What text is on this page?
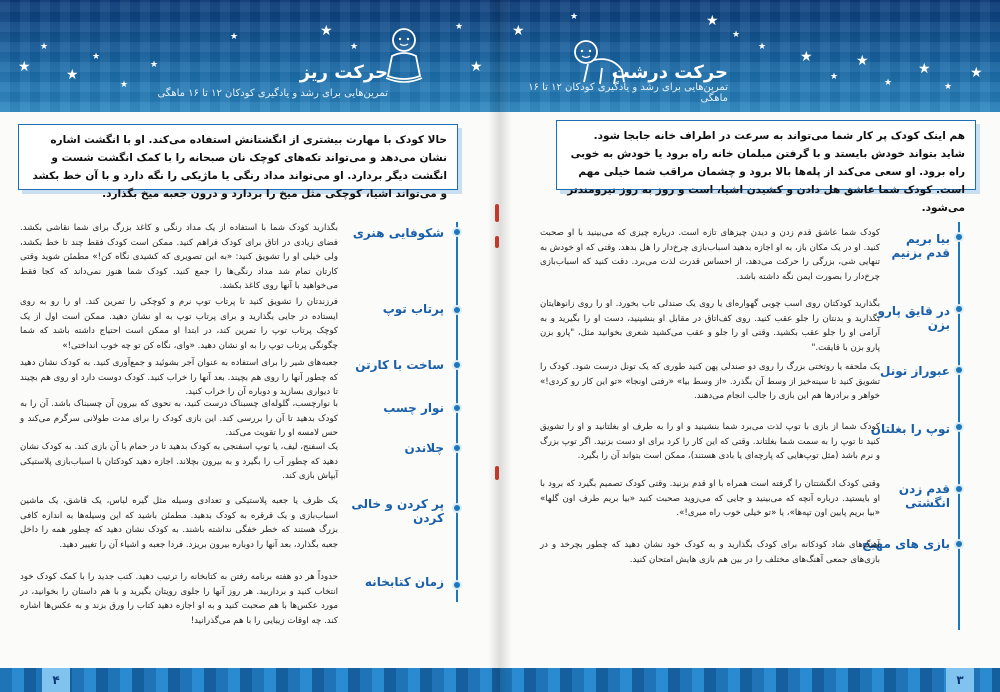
★
★
★
★
★
★
★	★
★
★
★
حرکت ریز
تمرین‌هایی برای رشد و یادگیری کودکان ۱۲ تا ۱۶ ماهگی
حالا کودک با مهارت بیشتری از انگشتانش استفاده می‌کند. او با انگشت اشاره نشان می‌دهد و می‌تواند تکه‌های کوچک نان صبحانه را با کمک انگشت شست و انگشت دیگر بردارد. او می‌تواند مداد رنگی یا ماژیکی را نگه دارد و با آن خط بکشد و می‌تواند اشیا، کوچکی مثل میخ را بردارد و درون جعبه میخ بگذارد.
شکوفایی هنری
بگذارید کودک شما با استفاده از یک مداد رنگی و کاغذ بزرگ برای شما نقاشی بکشد. فضای زیادی در اتاق برای کودک فراهم کنید. ممکن است کودک فقط چند تا خط بکشد، ولی خیلی او را تشویق کنید: «به این تصویری که کشیدی نگاه کن!» مطمئن شوید وقتی کارتان تمام شد مداد رنگی‌ها را جمع کنید. کودک شما هنوز نمی‌داند که کجا فقط می‌خواهید با آنها روی کاغذ بکشد.
پرتاب توپ
فرزندتان را تشویق کنید تا پرتاب توپ نرم و کوچکی را تمرین کند. او را رو به روی ایستاده در جایی بگذارید و برای پرتاب توپ به او نشان دهید. ممکن است اول از یک کوچک پرتاب توپ را تمرین کند، در ابتدا او ممکن است احتیاج داشته باشد که شما چگونگی پرتاب توپ را به او نشان دهید. «وای، نگاه کن تو چه خوب انداختی!»
ساخت با کارتن
جعبه‌های شیر را برای استفاده به عنوان آجر بشوئید و جمع‌آوری کنید. به کودک نشان دهید که چطور آنها را روی هم بچیند. بعد آنها را خراب کنید. کودک دوست دارد او روی هم بچیند تا دیواری بسازید و دوباره آن را خراب کنید.
نوار چسب
با نوارچسب، گلوله‌ای چسبناک درست کنید، به نحوی که بیرون آن چسبناک باشد. آن را به کودک بدهید تا آن را بررسی کند. این بازی کودک را برای مدت طولانی سرگرم می‌کند و حس لامسه او را تقویت می‌کند.
چلاندن
یک اسفنج، لیف، یا توپ اسفنجی به کودک بدهید تا در حمام با آن بازی کند. به کودک نشان دهید که چطور آب را بگیرد و به بیرون بچلاند. اجازه دهید کودکتان با اسباب‌بازی پلاستیکی آبپاش بازی کند.
پر کردن و خالی کردن
یک ظرف یا جعبه پلاستیکی و تعدادی وسیله مثل گیره لباس، یک قاشق، یک ماشین اسباب‌بازی و یک قرقره به کودک بدهید. مطمئن باشید که این وسیله‌ها به اندازه کافی بزرگ هستند که خطر خفگی نداشته باشند. به کودک نشان دهید که چطور همه را داخل جعبه بگذارد، بعد آنها را دوباره بیرون بریزد. فردا جعبه و اشیاء آن را تغییر دهید.
زمان کتابخانه
حدوداً هر دو هفته برنامه رفتن به کتابخانه را ترتیب دهید. کتب جدید را با کمک کودک خود انتخاب کنید و برداربید. هر روز آنها را جلوی رویتان بگیرید و با هم داستان را بخوانید، در مورد عکس‌ها با هم صحبت کنید و به او اجازه دهید کتاب را ورق بزند و به عکس‌ها اشاره کند. چه اوقات زیبایی را با هم می‌گذرانید!
۴
★
★	★
★
★
★
★
★
★
★
★
★
حرکت درشت
تمرین‌هایی برای رشد و یادگیری کودکان ۱۲ تا ۱۶ ماهگی
هم اینک کودک پر کار شما می‌تواند به سرعت در اطراف خانه جابجا شود. شاید بتواند خودش بایستد و با گرفتن مبلمان خانه راه برود یا خودش به خوبی راه برود. او سعی می‌کند از پله‌ها بالا برود و چشمان مراقب شما خیلی مهم است. کودک شما عاشق هل دادن و کشیدن اشیا، است و روز به روز نیرومندتر می‌شود.
بیا بریم قدم بزنیم
کودک شما عاشق قدم زدن و دیدن چیزهای تازه است. درباره چیزی که می‌بینید با او صحبت کنید. او در یک مکان باز، به او اجازه بدهید اسباب‌بازی چرخ‌دار را هل بدهد. وقتی که او خودش به تنهایی شی، بزرگی را حرکت می‌دهد، از احساس قدرت لذت می‌برد. دقت کنید که اسباب‌بازی چرخ‌دار را بصورت ایمن نگه داشته باشد.
در قایق پارو بزن
بگذارید کودکتان روی اسب چوبی گهواره‌ای یا روی یک صندلی تاب بخورد. او را روی زانوهایتان بگذارید و بدنتان را جلو عقب کنید. روی کف‌اتاق در مقابل او بنشینید، دست او را بگیرید و به آرامی او را جلو عقب بکشید. وقتی او را جلو و عقب می‌کشید شعری بخوانید مثل، "پارو بزن پارو بزن با قایقت."
عبوراز تونل
یک ملحفه یا روتختی بزرگ را روی دو صندلی پهن کنید طوری که یک تونل درست شود. کودک را تشویق کنید تا سینه‌خیز از وسط آن بگذرد. «از وسط بیا» «رفتی اونجا» «تو این کار رو کردی!» خواهر و برادرها هم این بازی را جالب انجام می‌دهند.
توپ را بغلتان
کودک شما از بازی با توپ لذت می‌برد شما بنشینید و او را به طرف او بغلتانید و او را تشویق کنید تا توپ را به سمت شما بغلتاند. وقتی که این کار را کرد برای او دست بزنید. اگر توپ بزرگ و نرم باشد (مثل توپ‌هایی که پارچه‌ای یا بادی هستند)، ممکن است بتواند آن را بگیرد.
قدم زدن انگشتی
وقتی کودک انگشتتان را گرفته است همراه با او قدم بزنید. وقتی کودک تصمیم بگیرد که برود با او بایستید. درباره آنچه که می‌بینید و جایی که می‌روید صحبت کنید «بیا بریم طرف اون گلها» «بیا بریم پایین اون تپه‌ها»، یا «تو خیلی خوب راه میری!».
بازی های مهیج
آهنگ‌های شاد کودکانه برای کودک بگذارید و به کودک خود نشان دهید که چطور بچرخد و در بازی‌های جمعی آهنگ‌های مختلف را در بین هم بازی هایش امتحان کنید.
۳
